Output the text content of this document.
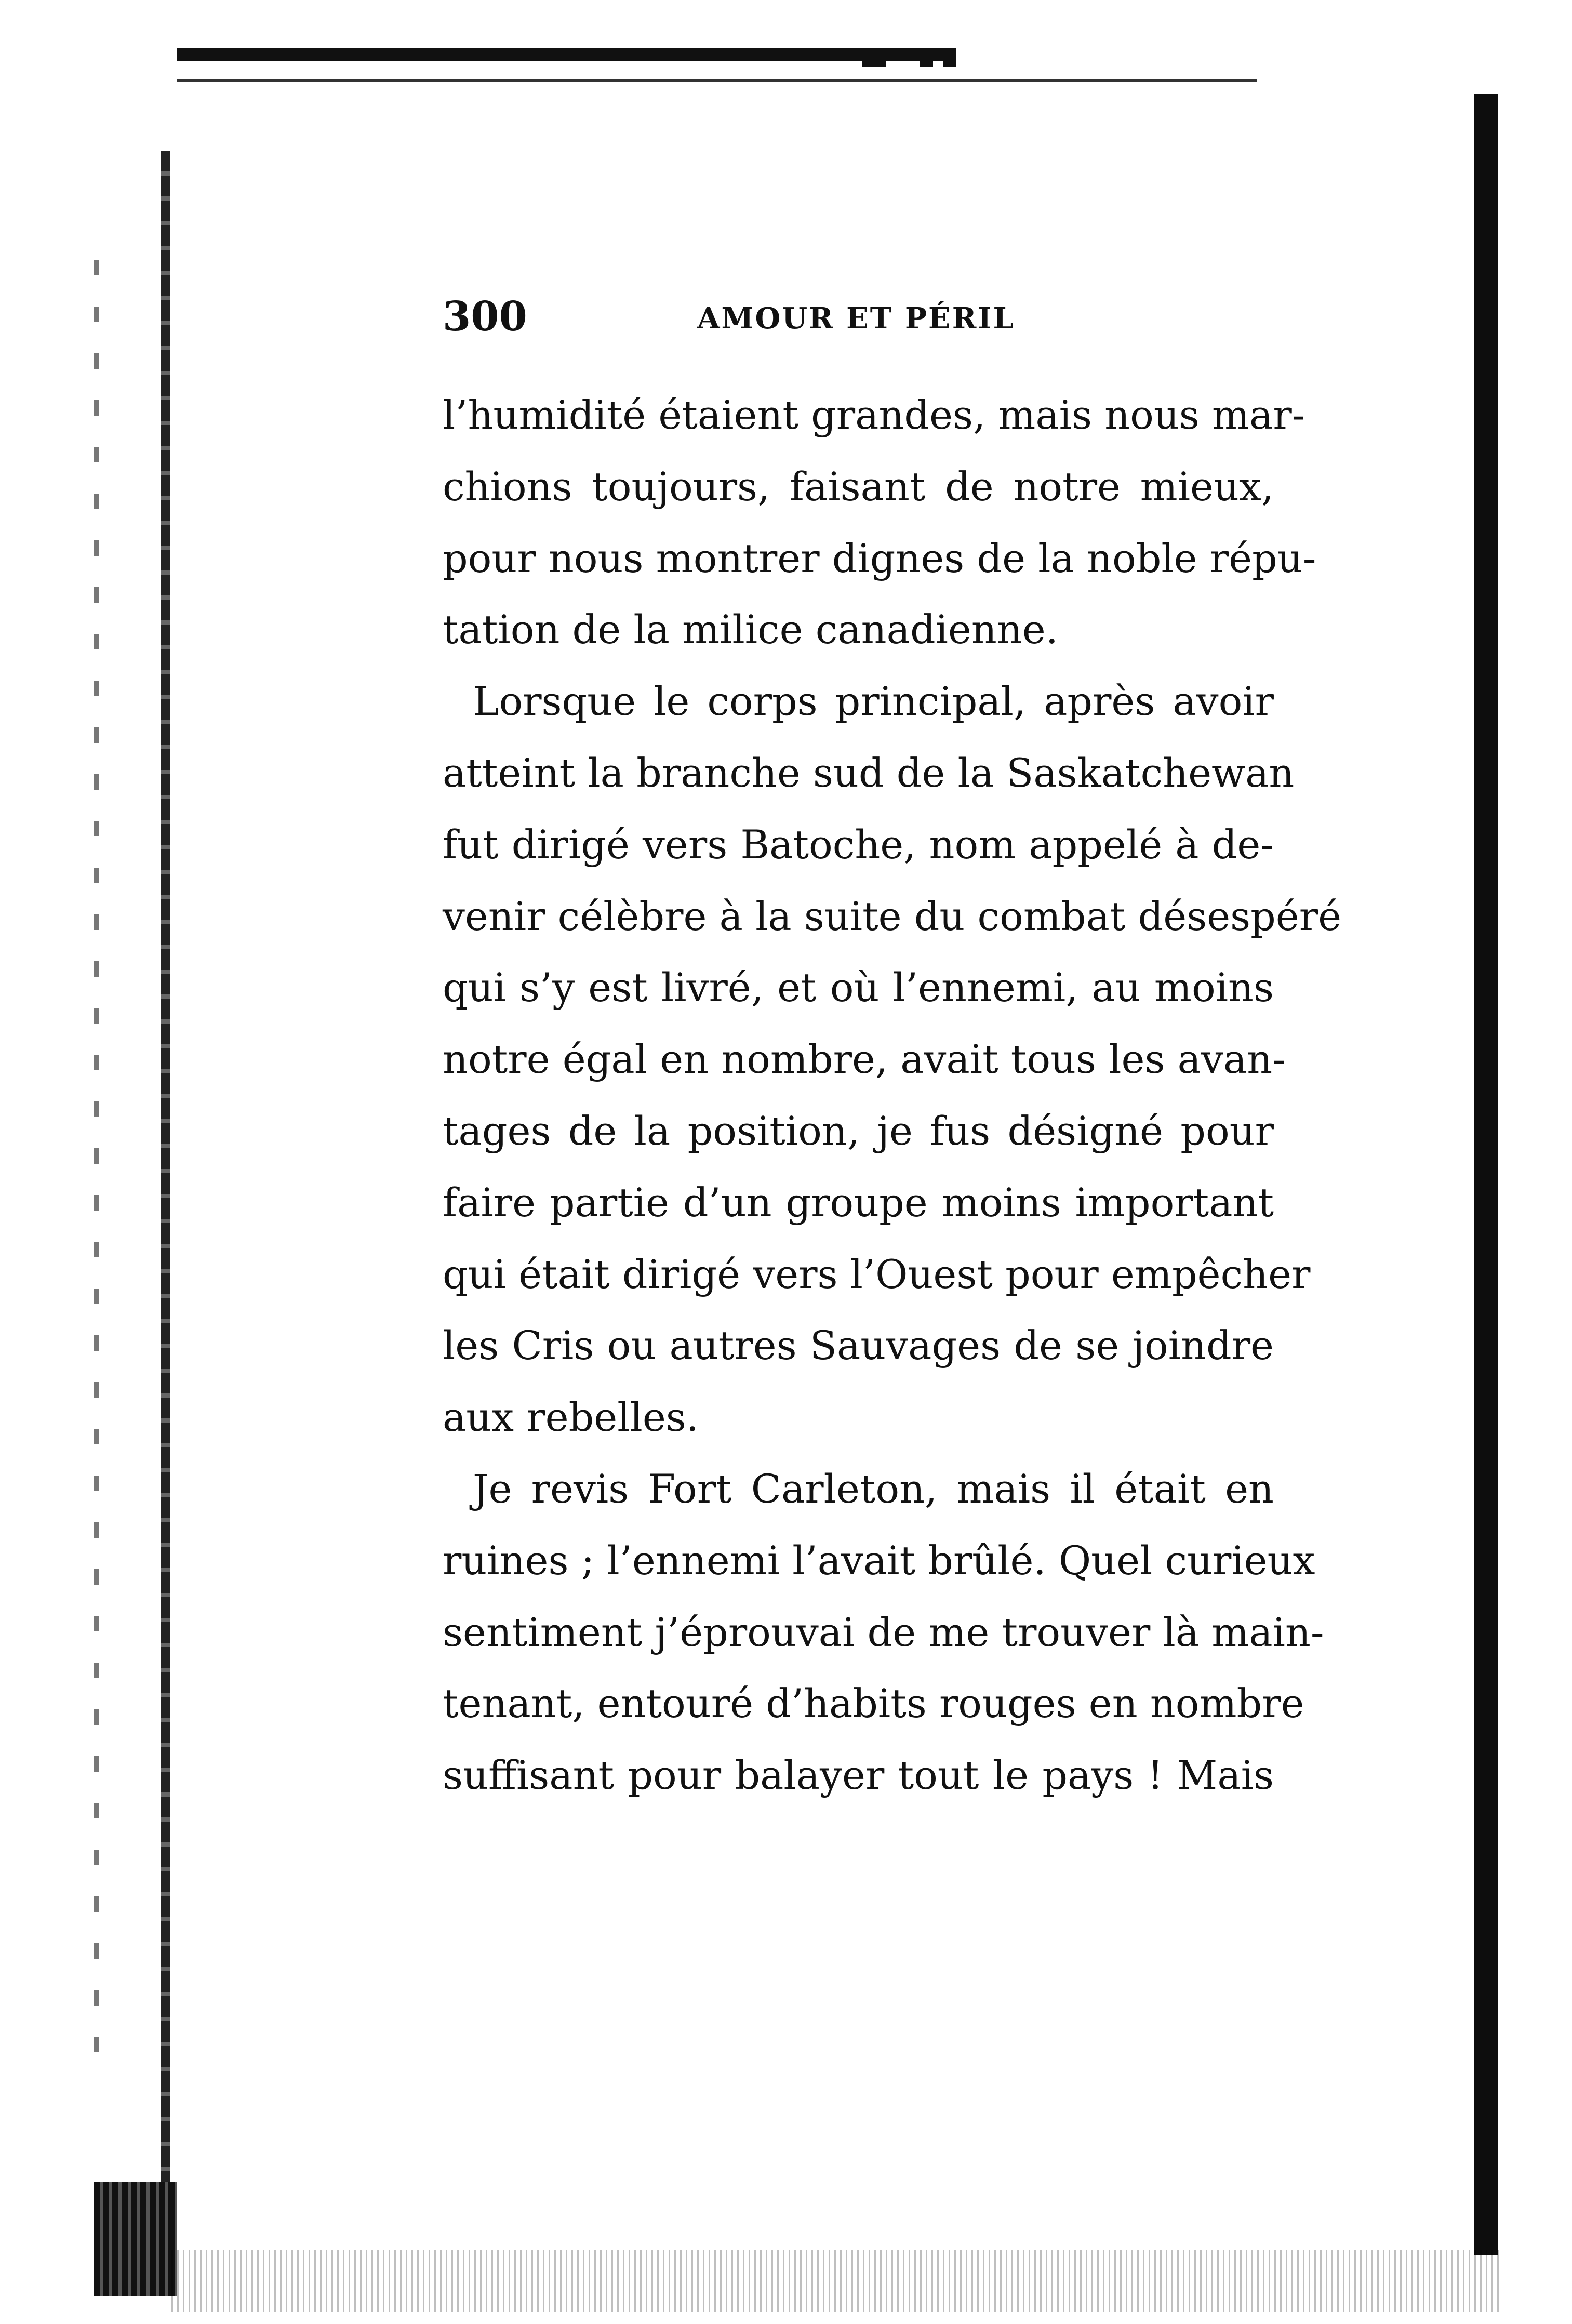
300	AMOUR ET PÉRIL
l’humidité étaient grandes, mais nous mar-
chions toujours, faisant de notre mieux,
pour nous montrer dignes de la noble répu-
tation de la milice canadienne.
Lorsque le corps principal, après avoir
atteint la branche sud de la Saskatchewan
fut dirigé vers Batoche, nom appelé à de-
venir célèbre à la suite du combat désespéré
qui s’y est livré, et où l’ennemi, au moins
notre égal en nombre, avait tous les avan-
tages de la position, je fus désigné pour
faire partie d’un groupe moins important
qui était dirigé vers l’Ouest pour empêcher
les Cris ou autres Sauvages de se joindre
aux rebelles.
Je revis Fort Carleton, mais il était en
ruines ; l’ennemi l’avait brûlé. Quel curieux
sentiment j’éprouvai de me trouver là main-
tenant, entouré d’habits rouges en nombre
suffisant pour balayer tout le pays ! Mais
